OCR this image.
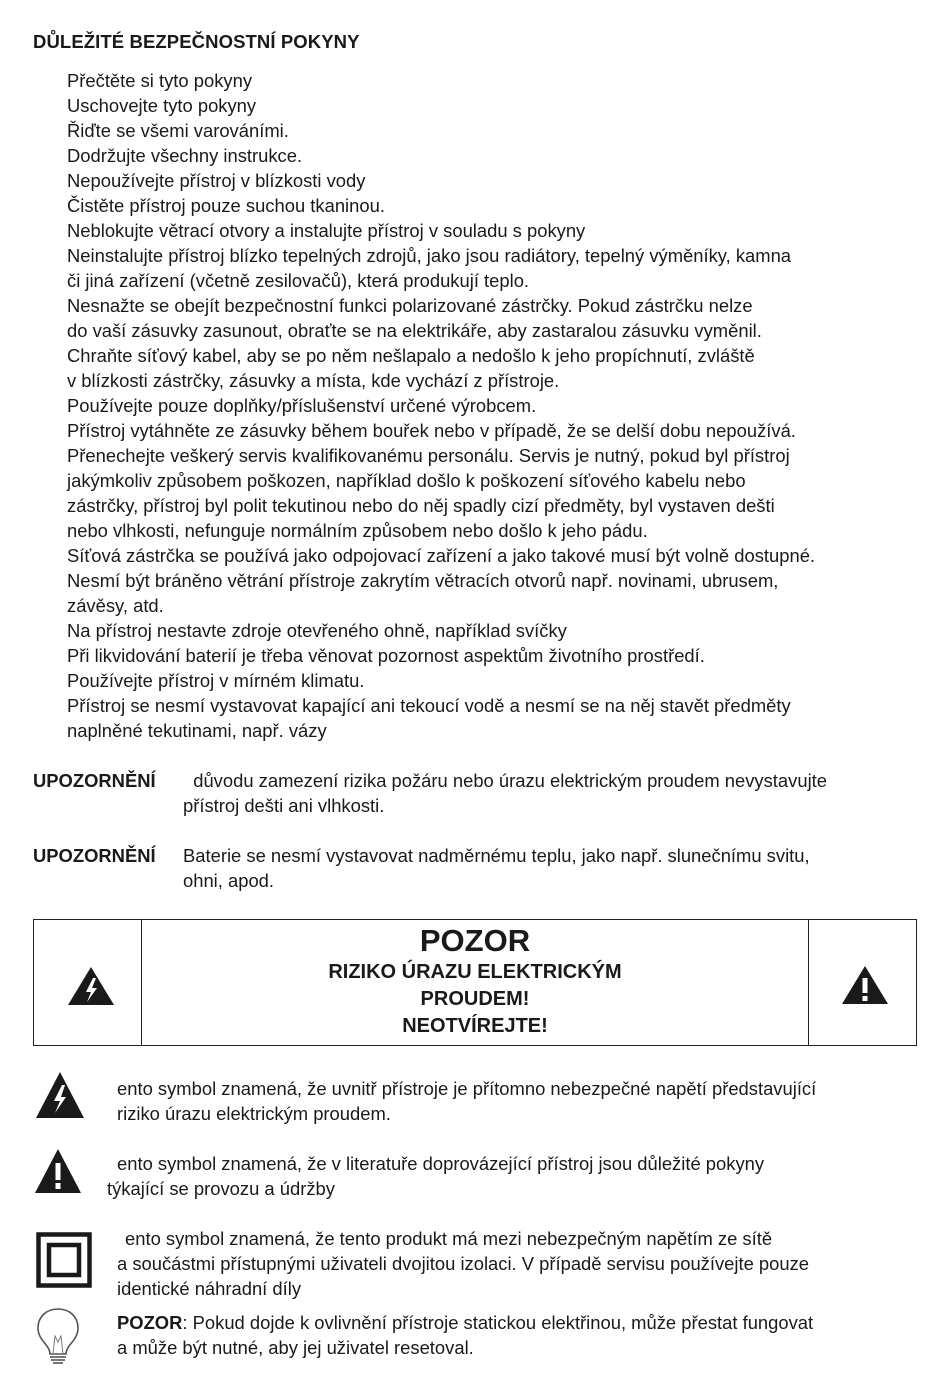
DŮLEŽITÉ BEZPEČNOSTNÍ POKYNY
Přečtěte si tyto pokyny
Uschovejte tyto pokyny
Řiďte se všemi varováními.
Dodržujte všechny instrukce.
Nepoužívejte přístroj v blízkosti vody
Čistěte přístroj pouze suchou tkaninou.
Neblokujte větrací otvory a instalujte přístroj v souladu s pokyny
Neinstalujte přístroj blízko tepelných zdrojů, jako jsou radiátory, tepelný výměníky, kamna
či jiná zařízení (včetně zesilovačů), která produkují teplo.
Nesnažte se obejít bezpečnostní funkci polarizované zástrčky. Pokud zástrčku nelze
do vaší zásuvky zasunout, obraťte se na elektrikáře, aby zastaralou zásuvku vyměnil.
Chraňte síťový kabel, aby se po něm nešlapalo a nedošlo k jeho propíchnutí, zvláště
v blízkosti zástrčky, zásuvky a místa, kde vychází z přístroje.
Používejte pouze doplňky/příslušenství určené výrobcem.
Přístroj vytáhněte ze zásuvky během bouřek nebo v případě, že se delší dobu nepoužívá.
Přenechejte veškerý servis kvalifikovanému personálu. Servis je nutný, pokud byl přístroj
jakýmkoliv způsobem poškozen, například došlo k poškození síťového kabelu nebo
zástrčky, přístroj byl polit tekutinou nebo do něj spadly cizí předměty, byl vystaven dešti
nebo vlhkosti, nefunguje normálním způsobem nebo došlo k jeho pádu.
Síťová zástrčka se používá jako odpojovací zařízení a jako takové musí být volně dostupné.
Nesmí být bráněno větrání přístroje zakrytím větracích otvorů např. novinami, ubrusem,
závěsy, atd.
Na přístroj nestavte zdroje otevřeného ohně, například svíčky
Při likvidování baterií je třeba věnovat pozornost aspektům životního prostředí.
Používejte přístroj v mírném klimatu.
Přístroj se nesmí vystavovat kapající ani tekoucí vodě a nesmí se na něj stavět předměty
naplněné tekutinami, např. vázy
UPOZORNĚNÍ důvodu zamezení rizika požáru nebo úrazu elektrickým proudem nevystavujte
přístroj dešti ani vlhkosti.
UPOZORNĚNÍ Baterie se nesmí vystavovat nadměrnému teplu, jako např. slunečnímu svitu,
ohni, apod.
POZOR
RIZIKO ÚRAZU ELEKTRICKÝM
PROUDEM!
NEOTVÍREJTE!
ento symbol znamená, že uvnitř přístroje je přítomno nebezpečné napětí představující
riziko úrazu elektrickým proudem.
ento symbol znamená, že v literatuře doprovázející přístroj jsou důležité pokyny
týkající se provozu a údržby
ento symbol znamená, že tento produkt má mezi nebezpečným napětím ze sítě
a součástmi přístupnými uživateli dvojitou izolaci. V případě servisu používejte pouze
identické náhradní díly
POZOR: Pokud dojde k ovlivnění přístroje statickou elektřinou, může přestat fungovat
a může být nutné, aby jej uživatel resetoval.
